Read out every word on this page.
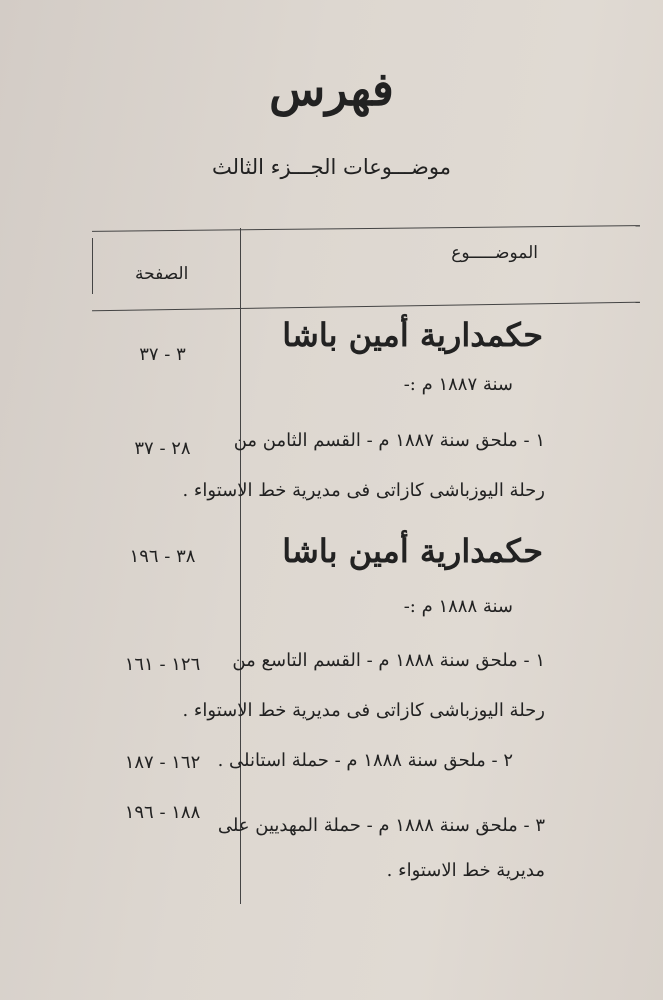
فهرس
موضـــوعات الجـــزء الثالث
الموضـــــوع
الصفحة
حكمدارية أمين باشا
٣ - ٣٧
سنة ١٨٨٧ م :-
١ - ملحق سنة ١٨٨٧ م - القسم الثامن من
رحلة اليوزباشى كازاتى فى مديرية خط الاستواء .
٢٨ - ٣٧
حكمدارية أمين باشا
٣٨ - ١٩٦
سنة ١٨٨٨ م :-
١ - ملحق سنة ١٨٨٨ م - القسم التاسع من
رحلة اليوزباشى كازاتى فى مديرية خط الاستواء .
١٢٦ - ١٦١
٢ - ملحق سنة ١٨٨٨ م - حملة استانلى .
١٦٢ - ١٨٧
٣ - ملحق سنة ١٨٨٨ م - حملة المهديين على
مديرية خط الاستواء .
١٨٨ - ١٩٦
